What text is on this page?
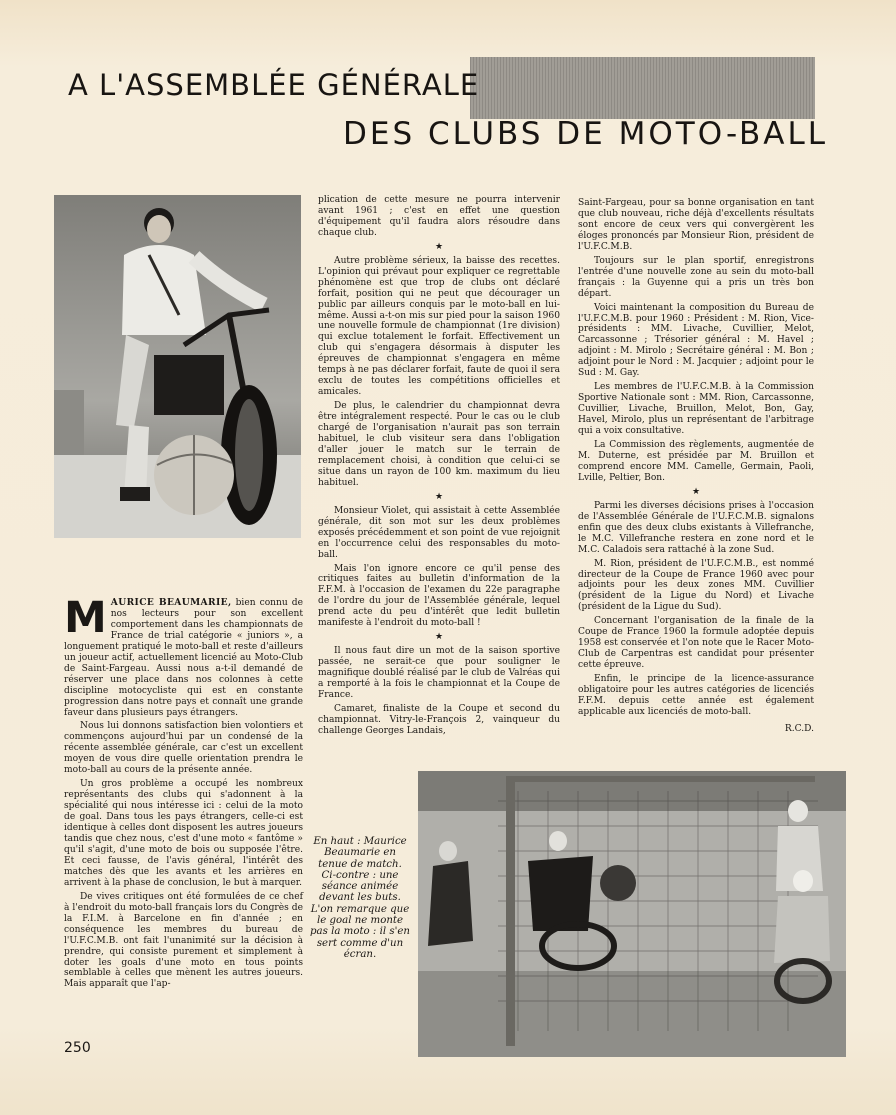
A L'ASSEMBLÉE GÉNÉRALE
DES CLUBS DE MOTO-BALL

MAURICE BEAUMARIE, bien connu de nos lecteurs pour son excellent comportement dans les championnats de France de trial catégorie « juniors », a longuement pratiqué le moto-ball et reste d'ailleurs un joueur actif, actuellement licencié au Moto-Club de Saint-Fargeau. Aussi nous a-t-il demandé de réserver une place dans nos colonnes à cette discipline motocycliste qui est en constante progression dans notre pays et connaît une grande faveur dans plusieurs pays étrangers.

Nous lui donnons satisfaction bien volontiers et commençons aujourd'hui par un condensé de la récente assemblée générale, car c'est un excellent moyen de vous dire quelle orientation prendra le moto-ball au cours de la présente année.

Un gros problème a occupé les nombreux représentants des clubs qui s'adonnent à la spécialité qui nous intéresse ici : celui de la moto de goal. Dans tous les pays étrangers, celle-ci est identique à celles dont disposent les autres joueurs tandis que chez nous, c'est d'une moto « fantôme » qu'il s'agit, d'une moto de bois ou supposée l'être. Et ceci fausse, de l'avis général, l'intérêt des matches dès que les avants et les arrières en arrivent à la phase de conclusion, le but à marquer.

De vives critiques ont été formulées de ce chef à l'endroit du moto-ball français lors du Congrès de la F.I.M. à Barcelone en fin d'année ; en conséquence les membres du bureau de l'U.F.C.M.B. ont fait l'unanimité sur la décision à prendre, qui consiste purement et simplement à doter les goals d'une moto en tous points semblable à celles que mènent les autres joueurs. Mais apparaît que l'ap-

plication de cette mesure ne pourra intervenir avant 1961 ; c'est en effet une question d'équipement qu'il faudra alors résoudre dans chaque club.

★

Autre problème sérieux, la baisse des recettes. L'opinion qui prévaut pour expliquer ce regrettable phénomène est que trop de clubs ont déclaré forfait, position qui ne peut que décourager un public par ailleurs conquis par le moto-ball en lui-même. Aussi a-t-on mis sur pied pour la saison 1960 une nouvelle formule de championnat (1re division) qui exclue totalement le forfait. Effectivement un club qui s'engagera désormais à disputer les épreuves de championnat s'engagera en même temps à ne pas déclarer forfait, faute de quoi il sera exclu de toutes les compétitions officielles et amicales.

De plus, le calendrier du championnat devra être intégralement respecté. Pour le cas ou le club chargé de l'organisation n'aurait pas son terrain habituel, le club visiteur sera dans l'obligation d'aller jouer le match sur le terrain de remplacement choisi, à condition que celui-ci se situe dans un rayon de 100 km. maximum du lieu habituel.

★

Monsieur Violet, qui assistait à cette Assemblée générale, dit son mot sur les deux problèmes exposés précédemment et son point de vue rejoignit en l'occurrence celui des responsables du moto-ball.

Mais l'on ignore encore ce qu'il pense des critiques faites au bulletin d'information de la F.F.M. à l'occasion de l'examen du 22e paragraphe de l'ordre du jour de l'Assemblée générale, lequel prend acte du peu d'intérêt que ledit bulletin manifeste à l'endroit du moto-ball !

★

Il nous faut dire un mot de la saison sportive passée, ne serait-ce que pour souligner le magnifique doublé réalisé par le club de Valréas qui a remporté à la fois le championnat et la Coupe de France.

Camaret, finaliste de la Coupe et second du championnat. Vitry-le-François 2, vainqueur du challenge Georges Landais,

Saint-Fargeau, pour sa bonne organisation en tant que club nouveau, riche déjà d'excellents résultats sont encore de ceux vers qui convergèrent les éloges prononcés par Monsieur Rion, président de l'U.F.C.M.B.

Toujours sur le plan sportif, enregistrons l'entrée d'une nouvelle zone au sein du moto-ball français : la Guyenne qui a pris un très bon départ.

Voici maintenant la composition du Bureau de l'U.F.C.M.B. pour 1960 : Président : M. Rion, Vice-présidents : MM. Livache, Cuvillier, Melot, Carcassonne ; Trésorier général : M. Havel ; adjoint : M. Mirolo ; Secrétaire général : M. Bon ; adjoint pour le Nord : M. Jacquier ; adjoint pour le Sud : M. Gay.

Les membres de l'U.F.C.M.B. à la Commission Sportive Nationale sont : MM. Rion, Carcassonne, Cuvillier, Livache, Bruillon, Melot, Bon, Gay, Havel, Mirolo, plus un représentant de l'arbitrage qui a voix consultative.

La Commission des règlements, augmentée de M. Duterne, est présidée par M. Bruillon et comprend encore MM. Camelle, Germain, Paoli, Lville, Peltier, Bon.

★

Parmi les diverses décisions prises à l'occasion de l'Assemblée Générale de l'U.F.C.M.B. signalons enfin que des deux clubs existants à Villefranche, le M.C. Villefranche restera en zone nord et le M.C. Caladois sera rattaché à la zone Sud.

M. Rion, président de l'U.F.C.M.B., est nommé directeur de la Coupe de France 1960 avec pour adjoints pour les deux zones MM. Cuvillier (président de la Ligue du Nord) et Livache (président de la Ligue du Sud).

Concernant l'organisation de la finale de la Coupe de France 1960 la formule adoptée depuis 1958 est conservée et l'on note que le Racer Moto-Club de Carpentras est candidat pour présenter cette épreuve.

Enfin, le principe de la licence-assurance obligatoire pour les autres catégories de licenciés F.F.M. depuis cette année est également applicable aux licenciés de moto-ball.

R.C.D.
En haut : Maurice Beaumarie en tenue de match.
Ci-contre : une séance animée devant les buts. L'on remarque que le goal ne monte pas la moto : il s'en sert comme d'un écran.
250
